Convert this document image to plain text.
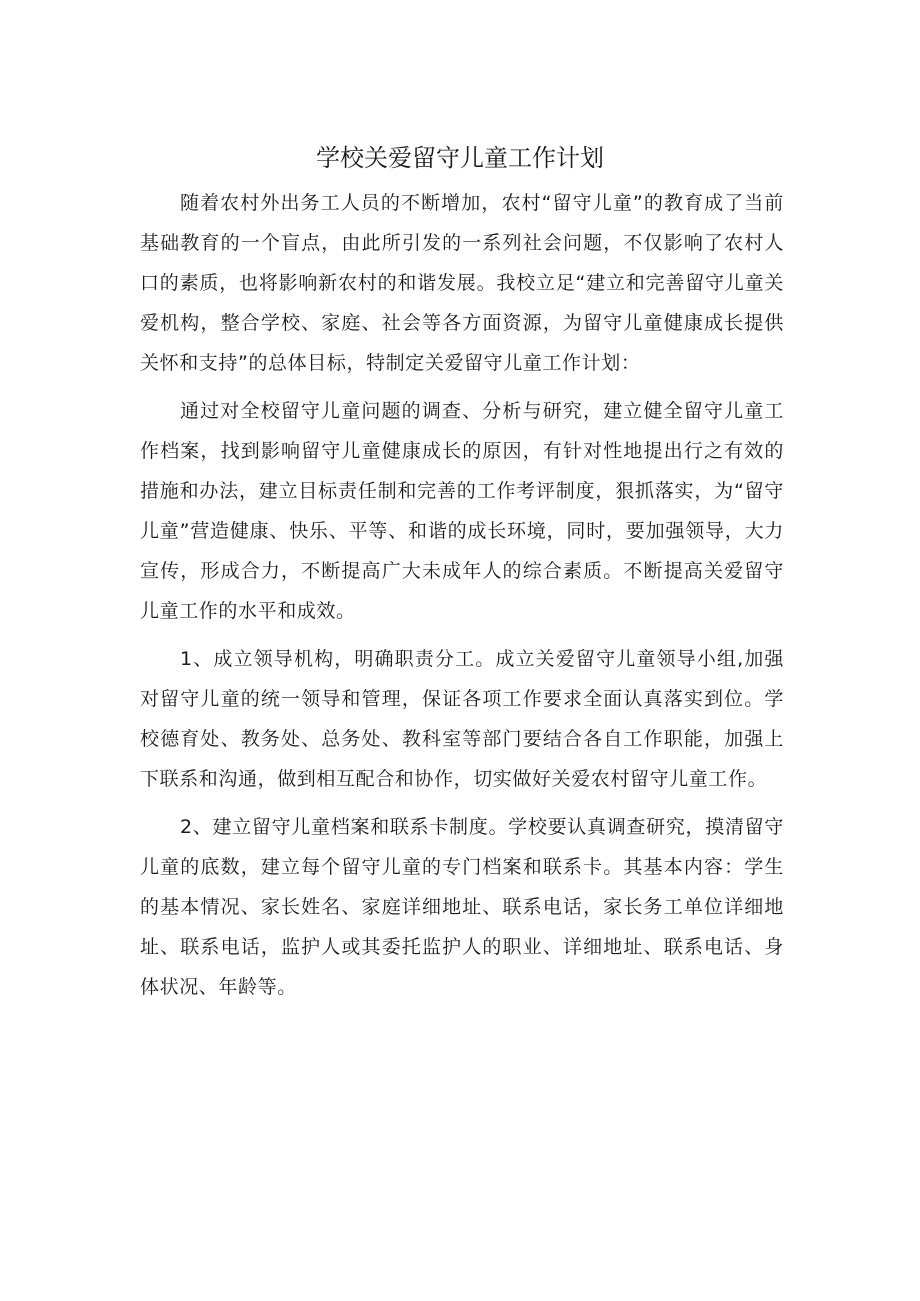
学校关爱留守儿童工作计划

随着农村外出务工人员的不断增加，农村“留守儿童”的教育成了当前基础教育的一个盲点，由此所引发的一系列社会问题，不仅影响了农村人口的素质，也将影响新农村的和谐发展。我校立足“建立和完善留守儿童关爱机构，整合学校、家庭、社会等各方面资源，为留守儿童健康成长提供关怀和支持”的总体目标，特制定关爱留守儿童工作计划：

通过对全校留守儿童问题的调查、分析与研究，建立健全留守儿童工作档案，找到影响留守儿童健康成长的原因，有针对性地提出行之有效的措施和办法，建立目标责任制和完善的工作考评制度，狠抓落实，为“留守儿童”营造健康、快乐、平等、和谐的成长环境，同时，要加强领导，大力宣传，形成合力，不断提高广大未成年人的综合素质。不断提高关爱留守儿童工作的水平和成效。

1、成立领导机构，明确职责分工。成立关爱留守儿童领导小组,加强对留守儿童的统一领导和管理，保证各项工作要求全面认真落实到位。学校德育处、教务处、总务处、教科室等部门要结合各自工作职能，加强上下联系和沟通，做到相互配合和协作，切实做好关爱农村留守儿童工作。

2、建立留守儿童档案和联系卡制度。学校要认真调查研究，摸清留守儿童的底数，建立每个留守儿童的专门档案和联系卡。其基本内容：学生的基本情况、家长姓名、家庭详细地址、联系电话，家长务工单位详细地址、联系电话，监护人或其委托监护人的职业、详细地址、联系电话、身体状况、年龄等。
